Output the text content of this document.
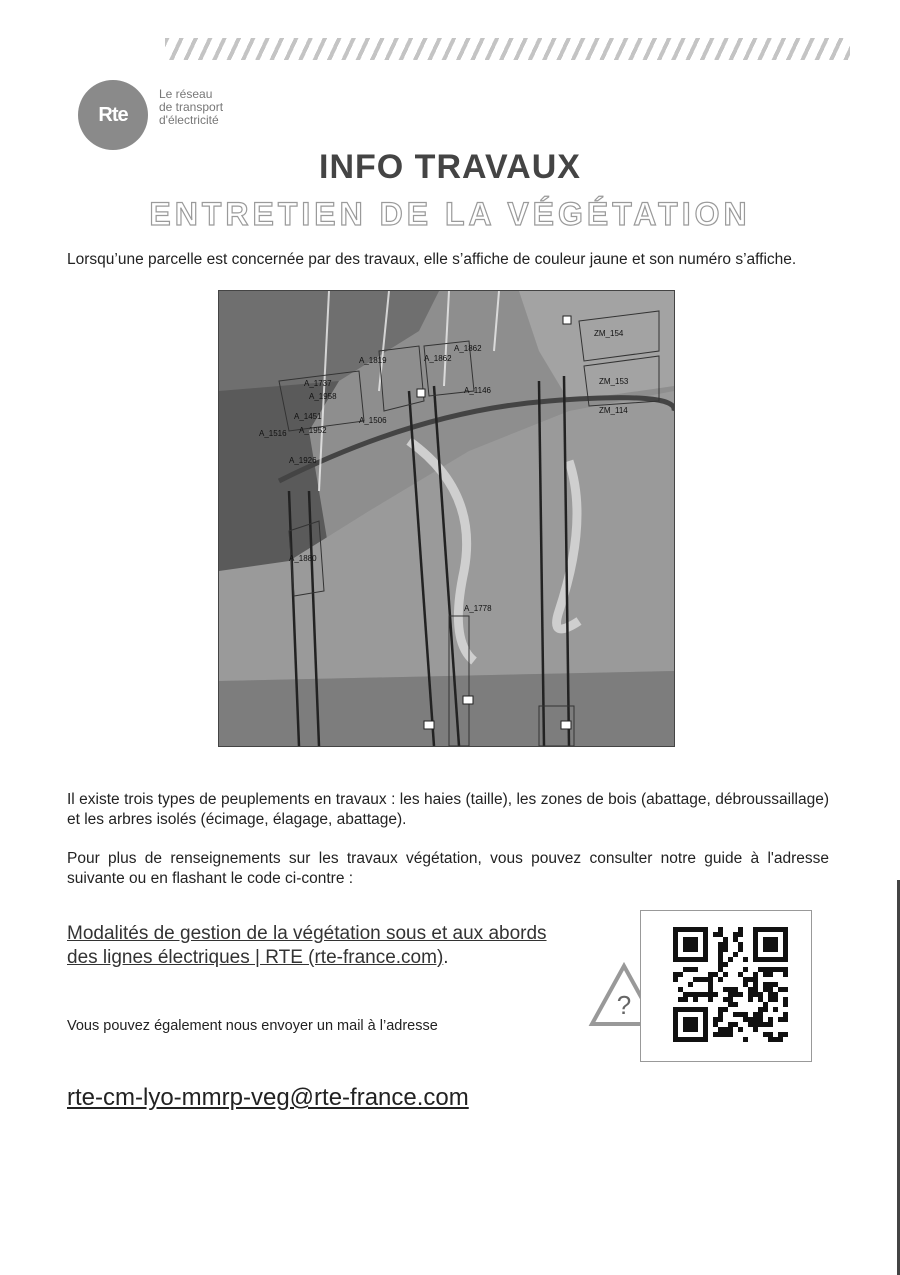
Rte
Le réseau
de transport
d'électricité
INFO TRAVAUX
ENTRETIEN DE LA VÉGÉTATION
Lorsqu’une parcelle est concernée par des travaux, elle s’affiche de couleur jaune et son numéro s’affiche.
A_1819	A_1862
A_1862
ZM_154
ZM_153
A_1737
A_1958
A_1146
A_1451
A_1516 A_1952
A_1506
A_1926
A_1880
A_1778
ZM_114
Il existe trois types de peuplements en travaux : les haies (taille), les zones de bois (abattage, débroussaillage) et les arbres isolés (écimage, élagage, abattage).
Pour plus de renseignements sur les travaux végétation, vous pouvez consulter notre guide à l'adresse suivante ou en flashant le code ci-contre :
Modalités de gestion de la végétation sous et aux abords
des lignes électriques | RTE (rte-france.com).
?
Vous pouvez également nous envoyer un mail à l’adresse
rte-cm-lyo-mmrp-veg@rte-france.com
